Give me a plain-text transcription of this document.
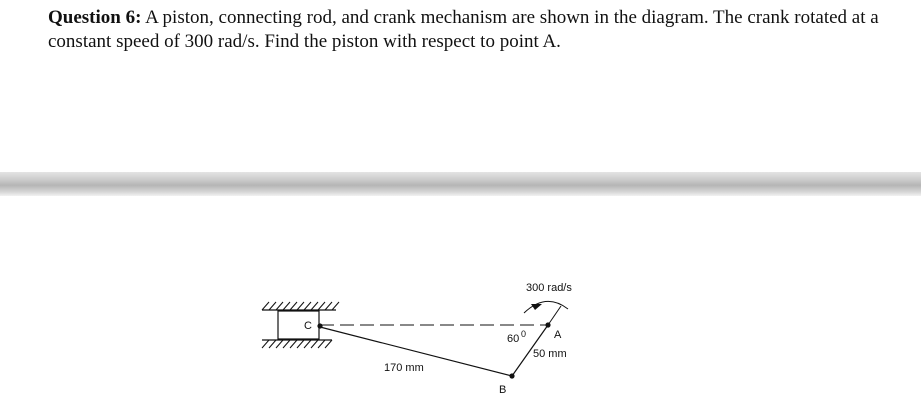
Question 6: A piston, connecting rod, and crank mechanism are shown in the diagram. The crank rotated at a constant speed of 300 rad/s. Find the piston with respect to point A.
C
300 rad/s
60 0	A
B
50 mm
170 mm
